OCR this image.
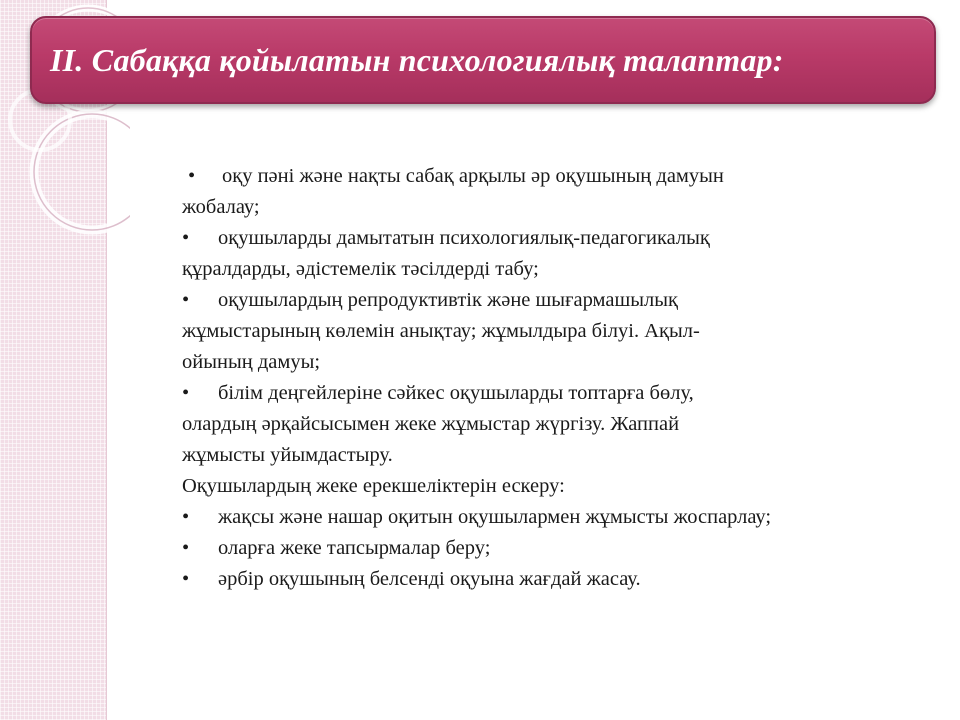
II. Сабаққа қойылатын психологиялық талаптар:

• оқу пәні және нақты сабақ арқылы әр оқушының дамуын

жобалау;

• оқушыларды дамытатын психологиялық-педагогикалық

құралдарды, әдістемелік тәсілдерді табу;

• оқушылардың репродуктивтік және шығармашылық

жұмыстарының көлемін анықтау; жұмылдыра білуі. Ақыл-

ойының дамуы;

• білім деңгейлеріне сәйкес оқушыларды топтарға бөлу,

олардың әрқайсысымен жеке жұмыстар жүргізу. Жаппай

жұмысты уйымдастыру.

Оқушылардың жеке ерекшеліктерін ескеру:

• жақсы және нашар оқитын оқушылармен жұмысты жоспарлау;

• оларға жеке тапсырмалар беру;

• әрбір оқушының белсенді оқуына жағдай жасау.
